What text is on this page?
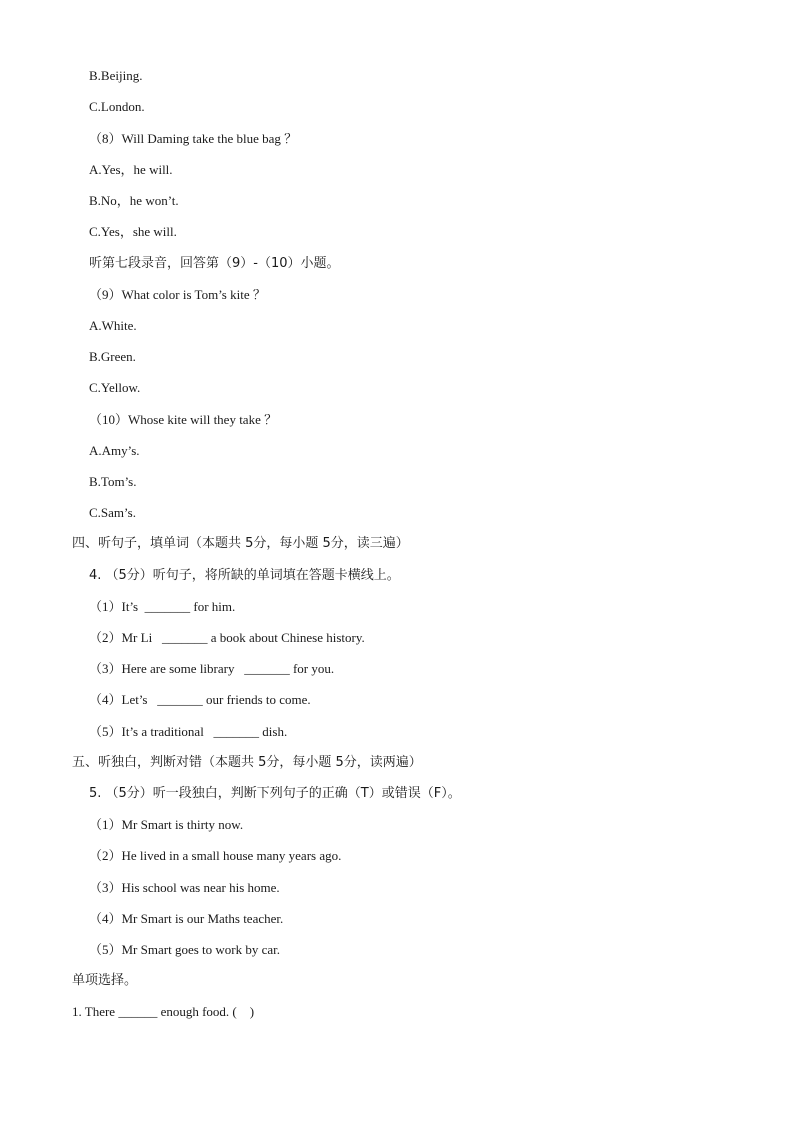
B.Beijing.
C.London.
（8）Will Daming take the blue bag ？
A.Yes，he will.
B.No，he won’t.
C.Yes，she will.
听第七段录音，回答第（9）-（10）小题。
（9）What color is Tom’s kite ？
A.White.
B.Green.
C.Yellow.
（10）Whose kite will they take ？
A.Amy’s.
B.Tom’s.
C.Sam’s.
四、听句子，填单词（本题共 5分，每小题 5分，读三遍）
4. （5分）听句子，将所缺的单词填在答题卡横线上。
（1）It’s  _______ for him.
（2）Mr Li   _______ a book about Chinese history.
（3）Here are some library   _______ for you.
（4）Let’s   _______ our friends to come.
（5）It’s a traditional   _______ dish.
五、听独白，判断对错（本题共 5分，每小题 5分，读两遍）
5. （5分）听一段独白，判断下列句子的正确（T）或错误（F）。
（1）Mr Smart is thirty now.
（2）He lived in a small house many years ago.
（3）His school was near his home.
（4）Mr Smart is our Maths teacher.
（5）Mr Smart goes to work by car.
单项选择。
1. There ______ enough food. (    )
